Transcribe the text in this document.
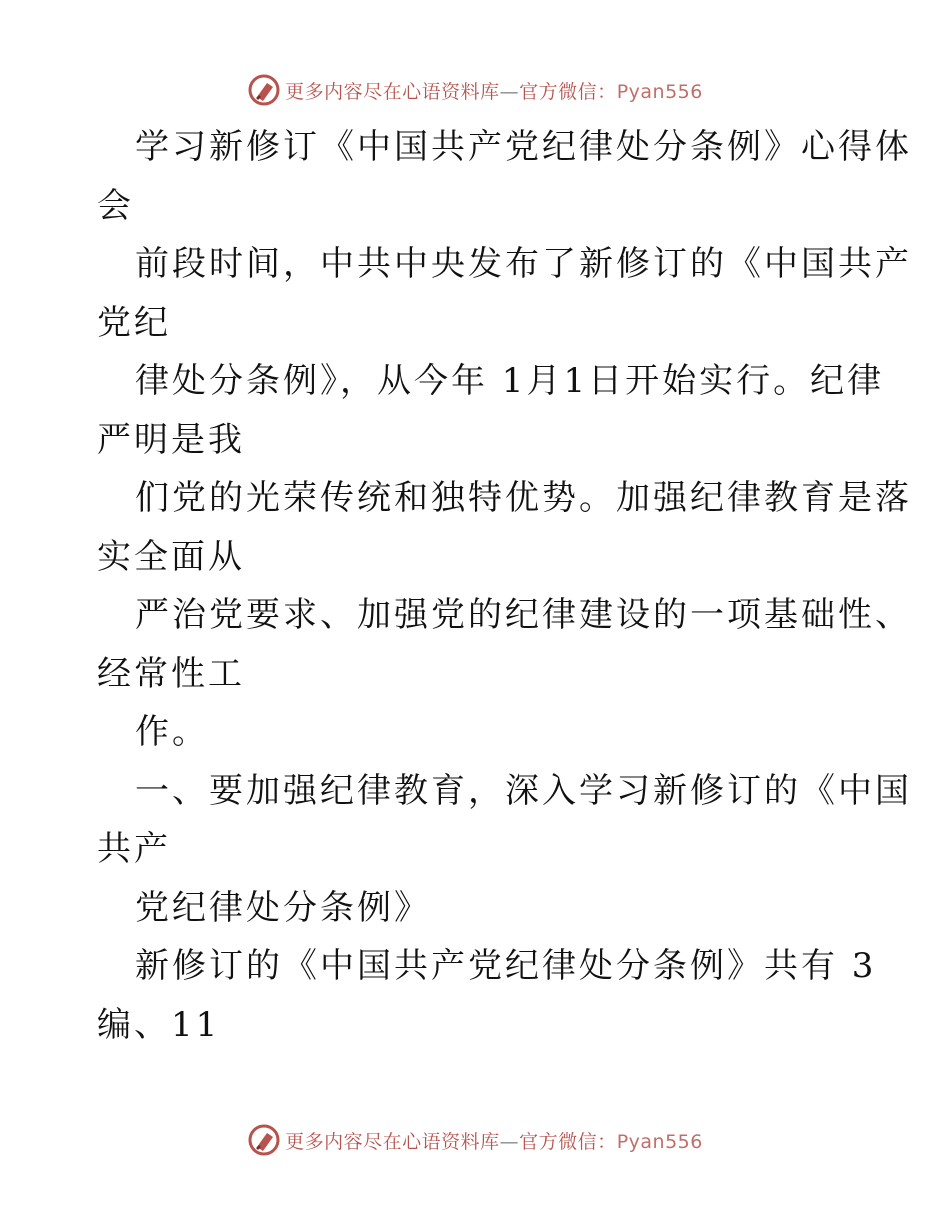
更多内容尽在心语资料库—官方微信：Pyan556
学习新修订《中国共产党纪律处分条例》心得体
会
前段时间，中共中央发布了新修订的《中国共产
党纪
律处分条例》，从今年 1月1日开始实行。纪律
严明是我
们党的光荣传统和独特优势。加强纪律教育是落
实全面从
严治党要求、加强党的纪律建设的一项基础性、
经常性工
作。
一、要加强纪律教育，深入学习新修订的《中国
共产
党纪律处分条例》
新修订的《中国共产党纪律处分条例》共有 3
编、11
更多内容尽在心语资料库—官方微信：Pyan556
